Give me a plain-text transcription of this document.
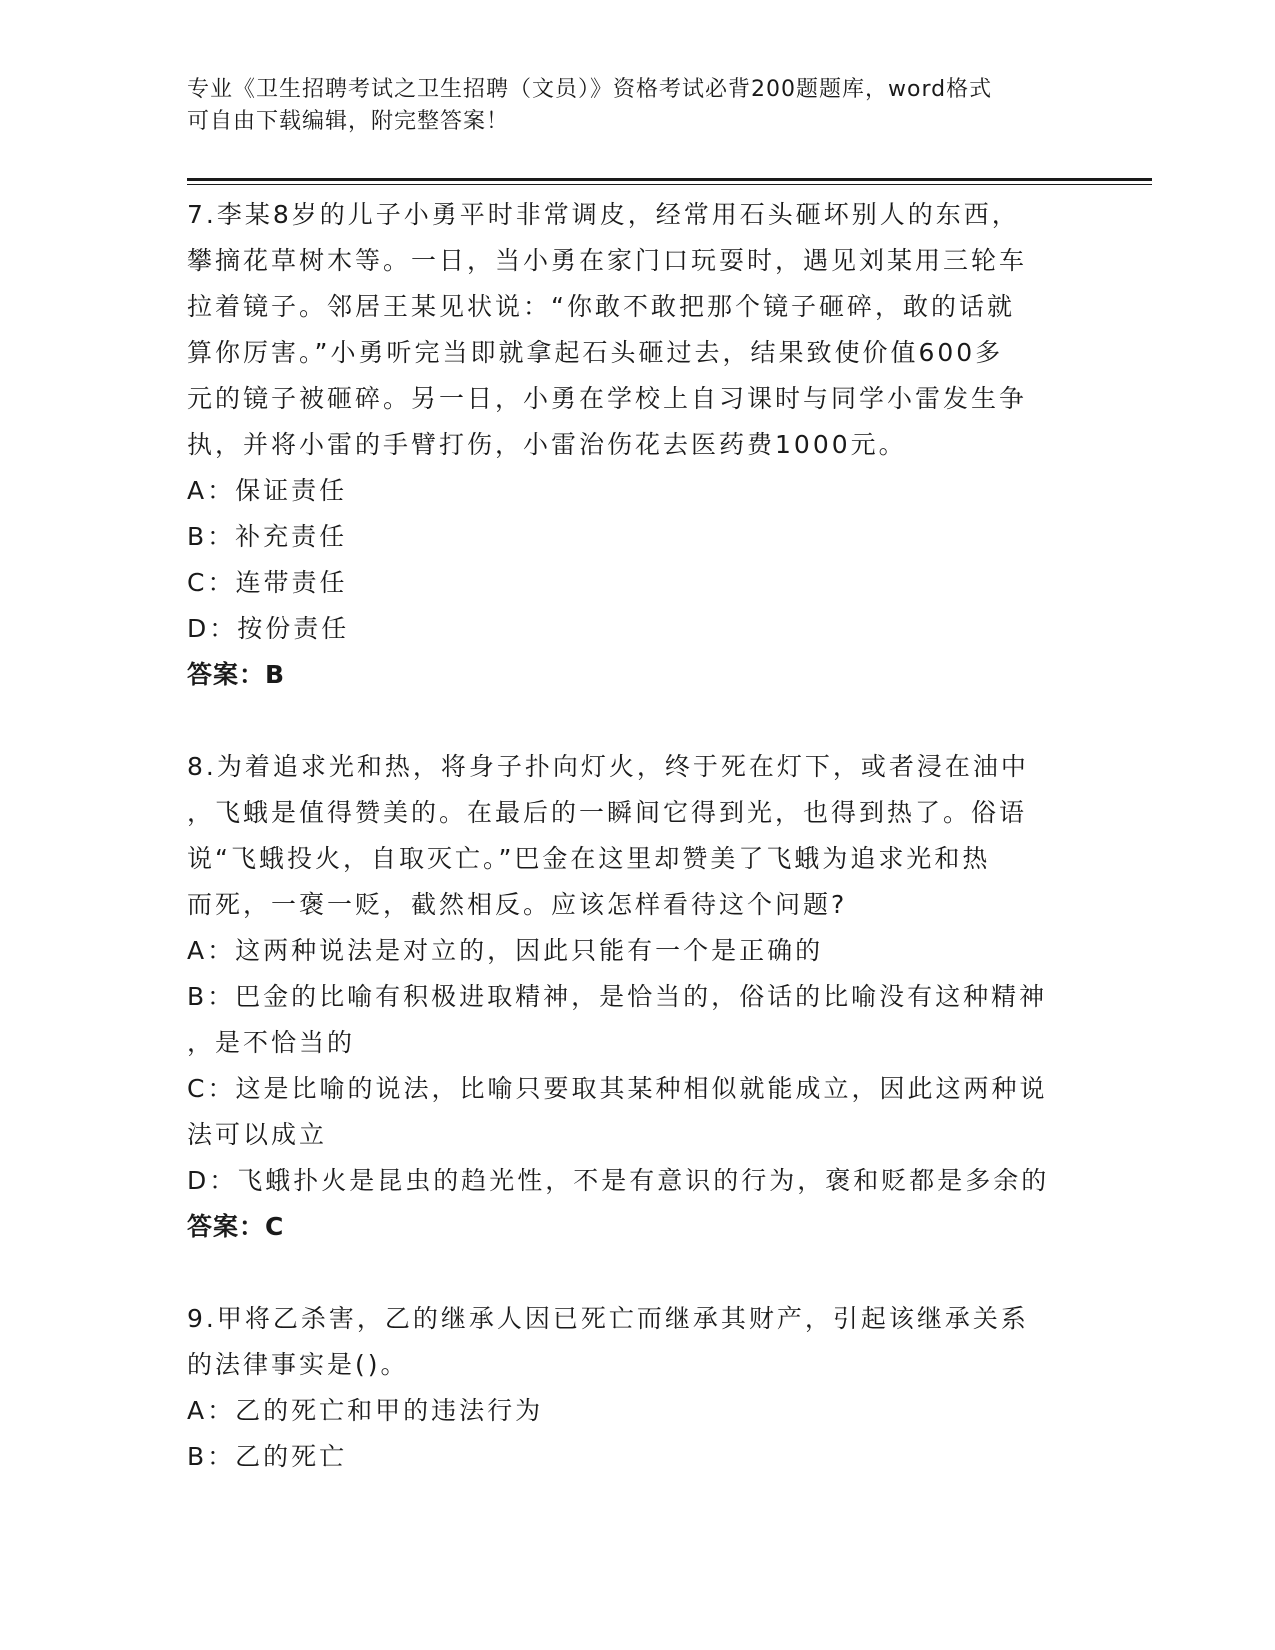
专业《卫生招聘考试之卫生招聘（文员）》资格考试必背200题题库，word格式
可自由下载编辑，附完整答案！
7.李某8岁的儿子小勇平时非常调皮，经常用石头砸坏别人的东西，
攀摘花草树木等。一日，当小勇在家门口玩耍时，遇见刘某用三轮车
拉着镜子。邻居王某见状说：“你敢不敢把那个镜子砸碎，敢的话就
算你厉害。”小勇听完当即就拿起石头砸过去，结果致使价值600多
元的镜子被砸碎。另一日，小勇在学校上自习课时与同学小雷发生争
执，并将小雷的手臂打伤，小雷治伤花去医药费1000元。
A：保证责任
B：补充责任
C：连带责任
D：按份责任
答案：B
8.为着追求光和热，将身子扑向灯火，终于死在灯下，或者浸在油中
，飞蛾是值得赞美的。在最后的一瞬间它得到光，也得到热了。俗语
说“飞蛾投火，自取灭亡。”巴金在这里却赞美了飞蛾为追求光和热
而死，一褒一贬，截然相反。应该怎样看待这个问题?
A：这两种说法是对立的，因此只能有一个是正确的
B：巴金的比喻有积极进取精神，是恰当的，俗话的比喻没有这种精神
，是不恰当的
C：这是比喻的说法，比喻只要取其某种相似就能成立，因此这两种说
法可以成立
D：飞蛾扑火是昆虫的趋光性，不是有意识的行为，褒和贬都是多余的
答案：C
9.甲将乙杀害，乙的继承人因已死亡而继承其财产，引起该继承关系
的法律事实是()。
A：乙的死亡和甲的违法行为
B：乙的死亡
